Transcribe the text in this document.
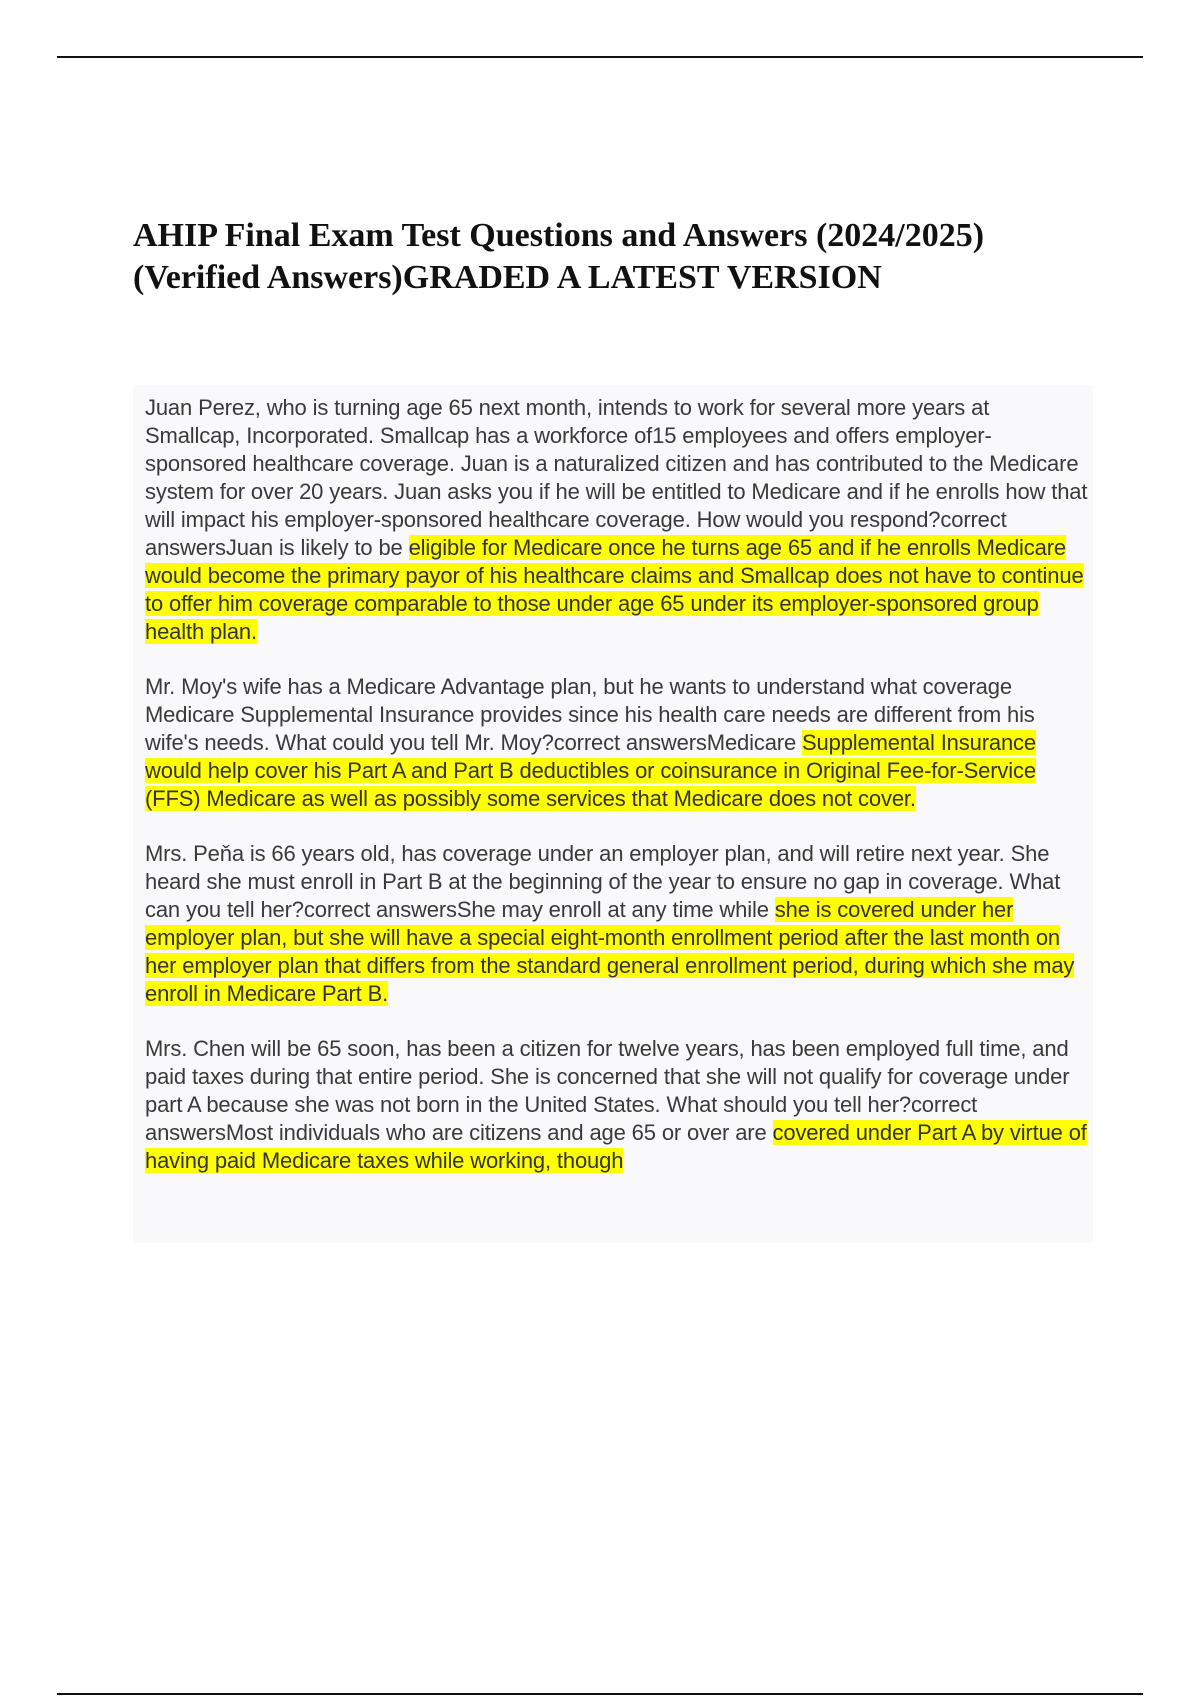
AHIP Final Exam Test Questions and Answers (2024/2025) (Verified Answers)GRADED A LATEST VERSION

Juan Perez, who is turning age 65 next month, intends to work for several more years at Smallcap, Incorporated. Smallcap has a workforce of15 employees and offers employer-sponsored healthcare coverage. Juan is a naturalized citizen and has contributed to the Medicare system for over 20 years. Juan asks you if he will be entitled to Medicare and if he enrolls how that will impact his employer-sponsored healthcare coverage. How would you respond?correct answersJuan is likely to be eligible for Medicare once he turns age 65 and if he enrolls Medicare would become the primary payor of his healthcare claims and Smallcap does not have to continue to offer him coverage comparable to those under age 65 under its employer-sponsored group health plan.

Mr. Moy's wife has a Medicare Advantage plan, but he wants to understand what coverage Medicare Supplemental Insurance provides since his health care needs are different from his wife's needs. What could you tell Mr. Moy?correct answersMedicare Supplemental Insurance would help cover his Part A and Part B deductibles or coinsurance in Original Fee-for-Service (FFS) Medicare as well as possibly some services that Medicare does not cover.

Mrs. Peňa is 66 years old, has coverage under an employer plan, and will retire next year. She heard she must enroll in Part B at the beginning of the year to ensure no gap in coverage. What can you tell her?correct answersShe may enroll at any time while she is covered under her employer plan, but she will have a special eight-month enrollment period after the last month on her employer plan that differs from the standard general enrollment period, during which she may enroll in Medicare Part B.

Mrs. Chen will be 65 soon, has been a citizen for twelve years, has been employed full time, and paid taxes during that entire period. She is concerned that she will not qualify for coverage under part A because she was not born in the United States. What should you tell her?correct answersMost individuals who are citizens and age 65 or over are covered under Part A by virtue of having paid Medicare taxes while working, though
